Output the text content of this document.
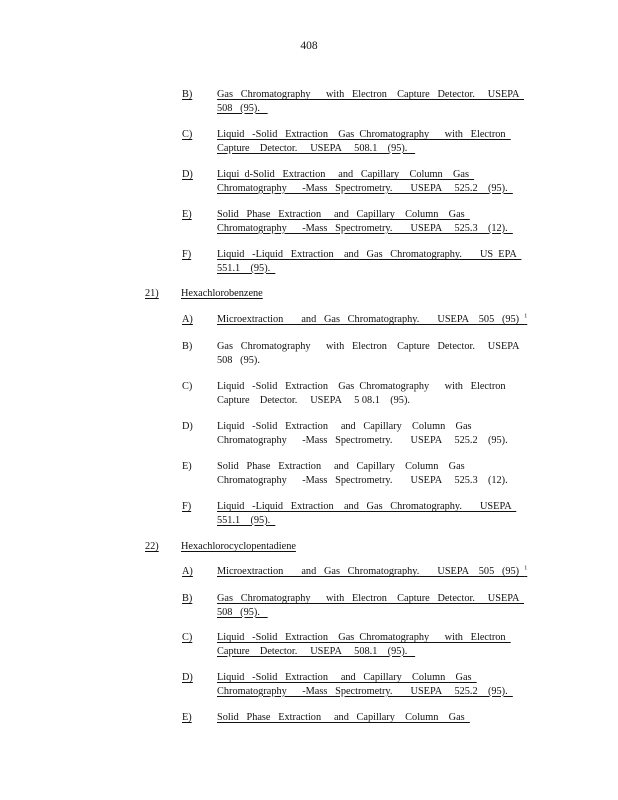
408
B)	Gas   Chromatography      with   Electron    Capture   Detector.     USEPA
508   (95).
C)	Liquid   -Solid   Extraction    Gas  Chromatography      with   Electron
Capture    Detector.     USEPA     508.1    (95).
D)	Liqui  d-Solid   Extraction     and   Capillary    Column    Gas
Chromatography      -Mass   Spectrometry.       USEPA     525.2    (95).
E)	Solid   Phase   Extraction     and   Capillary    Column    Gas
Chromatography      -Mass   Spectrometry.       USEPA     525.3    (12).
F)	Liquid   -Liquid   Extraction    and   Gas   Chromatography.       US  EPA
551.1    (95).
21)	Hexachlorobenzene
A)	Microextraction       and   Gas   Chromatography.       USEPA    505   (95)  $^1$
B)	Gas   Chromatography      with   Electron    Capture   Detector.     USEPA
508   (95).
C)	Liquid   -Solid   Extraction    Gas  Chromatography      with   Electron
Capture    Detector.     USEPA     5 08.1    (95).
D)	Liquid   -Solid   Extraction     and   Capillary    Column    Gas
Chromatography      -Mass   Spectrometry.       USEPA     525.2    (95).
E)	Solid   Phase   Extraction     and   Capillary    Column    Gas
Chromatography      -Mass   Spectrometry.       USEPA     525.3    (12).
F)	Liquid   -Liquid   Extraction    and   Gas   Chromatography.       USEPA
551.1    (95).
22)	Hexachlorocyclopentadiene
A)	Microextraction       and   Gas   Chromatography.       USEPA    505   (95)  $^1$
B)	Gas   Chromatography      with   Electron    Capture   Detector.     USEPA
508   (95).
C)	Liquid   -Solid   Extraction    Gas  Chromatography      with   Electron
Capture    Detector.     USEPA     508.1    (95).
D)	Liquid   -Solid   Extraction     and   Capillary    Column    Gas
Chromatography      -Mass   Spectrometry.       USEPA     525.2    (95).
E)	Solid   Phase   Extraction     and   Capillary    Column    Gas
